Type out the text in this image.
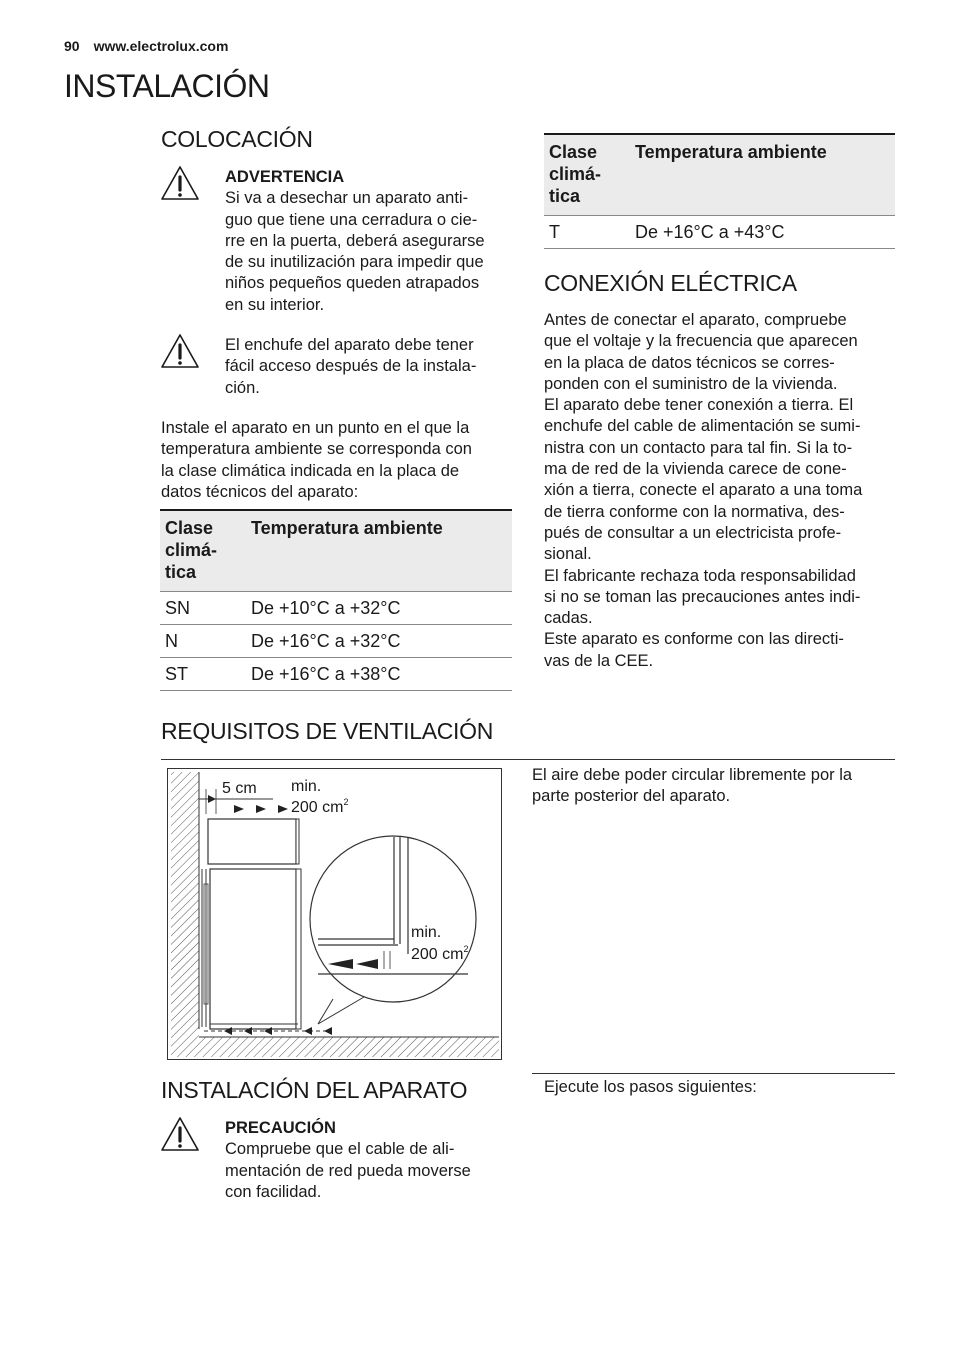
90 www.electrolux.com
INSTALACIÓN
COLOCACIÓN
ADVERTENCIA
Si va a desechar un aparato anti-
guo que tiene una cerradura o cie-
rre en la puerta, deberá asegurarse
de su inutilización para impedir que
niños pequeños queden atrapados
en su interior.
El enchufe del aparato debe tener
fácil acceso después de la instala-
ción.
Instale el aparato en un punto en el que la
temperatura ambiente se corresponda con
la clase climática indicada en la placa de
datos técnicos del aparato:
Clase
climá-
tica	Temperatura ambiente

SN	De +10°C a +32°C
N	De +16°C a +32°C
ST	De +16°C a +38°C
Clase
climá-
tica	Temperatura ambiente

T	De +16°C a +43°C
CONEXIÓN ELÉCTRICA
Antes de conectar el aparato, compruebe
que el voltaje y la frecuencia que aparecen
en la placa de datos técnicos se corres-
ponden con el suministro de la vivienda.
El aparato debe tener conexión a tierra. El
enchufe del cable de alimentación se sumi-
nistra con un contacto para tal fin. Si la to-
ma de red de la vivienda carece de cone-
xión a tierra, conecte el aparato a una toma
de tierra conforme con la normativa, des-
pués de consultar a un electricista profe-
sional.
El fabricante rechaza toda responsabilidad
si no se toman las precauciones antes indi-
cadas.
Este aparato es conforme con las directi-
vas de la CEE.
REQUISITOS DE VENTILACIÓN
5 cm min.
200 $cm^2$
min.
200 $cm^2$
El aire debe poder circular libremente por la
parte posterior del aparato.
INSTALACIÓN DEL APARATO	Ejecute los pasos siguientes:
PRECAUCIÓN
Compruebe que el cable de ali-
mentación de red pueda moverse
con facilidad.
